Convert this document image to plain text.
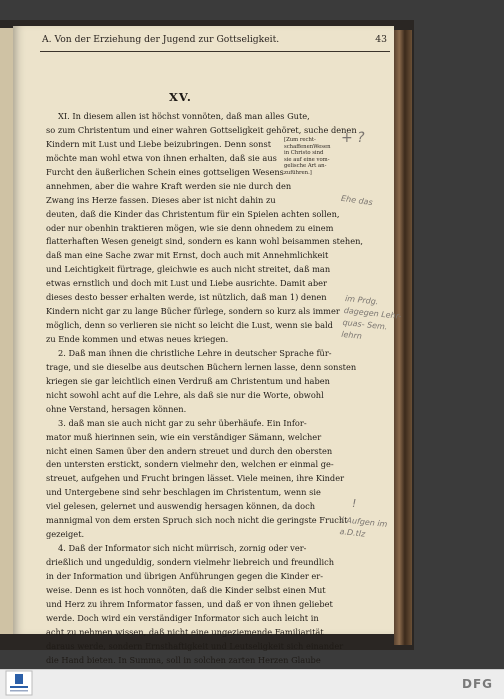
A. Von der Erziehung der Jugend zur Gottseligkeit.	43
XV.
XI. In diesem allen ist höchst vonnöten, daß man alles Gute,
so zum Christentum und einer wahren Gottseligkeit gehöret, suche denen
Kindern mit Lust und Liebe beizubringen. Denn sonst
möchte man wohl etwa von ihnen erhalten, daß sie aus
Furcht den äußerlichen Schein eines gottseligen Wesens
annehmen, aber die wahre Kraft werden sie nie durch den
Zwang ins Herze fassen. Dieses aber ist nicht dahin zu
deuten, daß die Kinder das Christentum für ein Spielen achten sollen,
oder nur obenhin traktieren mögen, wie sie denn ohnedem zu einem
flatterhaften Wesen geneigt sind, sondern es kann wohl beisammen stehen,
daß man eine Sache zwar mit Ernst, doch auch mit Annehmlichkeit
und Leichtigkeit fürtrage, gleichwie es auch nicht streitet, daß man
etwas ernstlich und doch mit Lust und Liebe ausrichte. Damit aber
dieses desto besser erhalten werde, ist nützlich, daß man 1) denen
Kindern nicht gar zu lange Bücher fürlege, sondern so kurz als immer
möglich, denn so verlieren sie nicht so leicht die Lust, wenn sie bald
zu Ende kommen und etwas neues kriegen.
2. Daß man ihnen die christliche Lehre in deutscher Sprache für-
trage, und sie dieselbe aus deutschen Büchern lernen lasse, denn sonsten
kriegen sie gar leichtlich einen Verdruß am Christentum und haben
nicht sowohl acht auf die Lehre, als daß sie nur die Worte, obwohl
ohne Verstand, hersagen können.
3. daß man sie auch nicht gar zu sehr überhäufe. Ein Infor-
mator muß hierinnen sein, wie ein verständiger Sämann, welcher
nicht einen Samen über den andern streuet und durch den obersten
den untersten erstickt, sondern vielmehr den, welchen er einmal ge-
streuet, aufgehen und Frucht bringen lässet. Viele meinen, ihre Kinder
und Untergebene sind sehr beschlagen im Christentum, wenn sie
viel gelesen, gelernet und auswendig hersagen können, da doch
mannigmal von dem ersten Spruch sich noch nicht die geringste Frucht
gezeiget.
4. Daß der Informator sich nicht mürrisch, zornig oder ver-
drießlich und ungeduldig, sondern vielmehr liebreich und freundlich
in der Information und übrigen Anführungen gegen die Kinder er-
weise. Denn es ist hoch vonnöten, daß die Kinder selbst einen Mut
und Herz zu ihrem Informator fassen, und daß er von ihnen geliebet
werde. Doch wird ein verständiger Informator sich auch leicht in
acht zu nehmen wissen, daß nicht eine ungeziemende Familiarität
daraus werde, sondern Ernsthaftigkeit und Leutseligkeit sich einander
die Hand bieten. In Summa, soll in solchen zarten Herzen Glaube
[Zum recht-
schaffenenWesen
in Christo sind
sie auf eine vom-
gelische Art an-
zuführen.]
+ ?
Ehe das
im Prdg. dagegen Lehr- quas- Sem. lehrn
!
! Aufgen im a.D.tlz
DFG
